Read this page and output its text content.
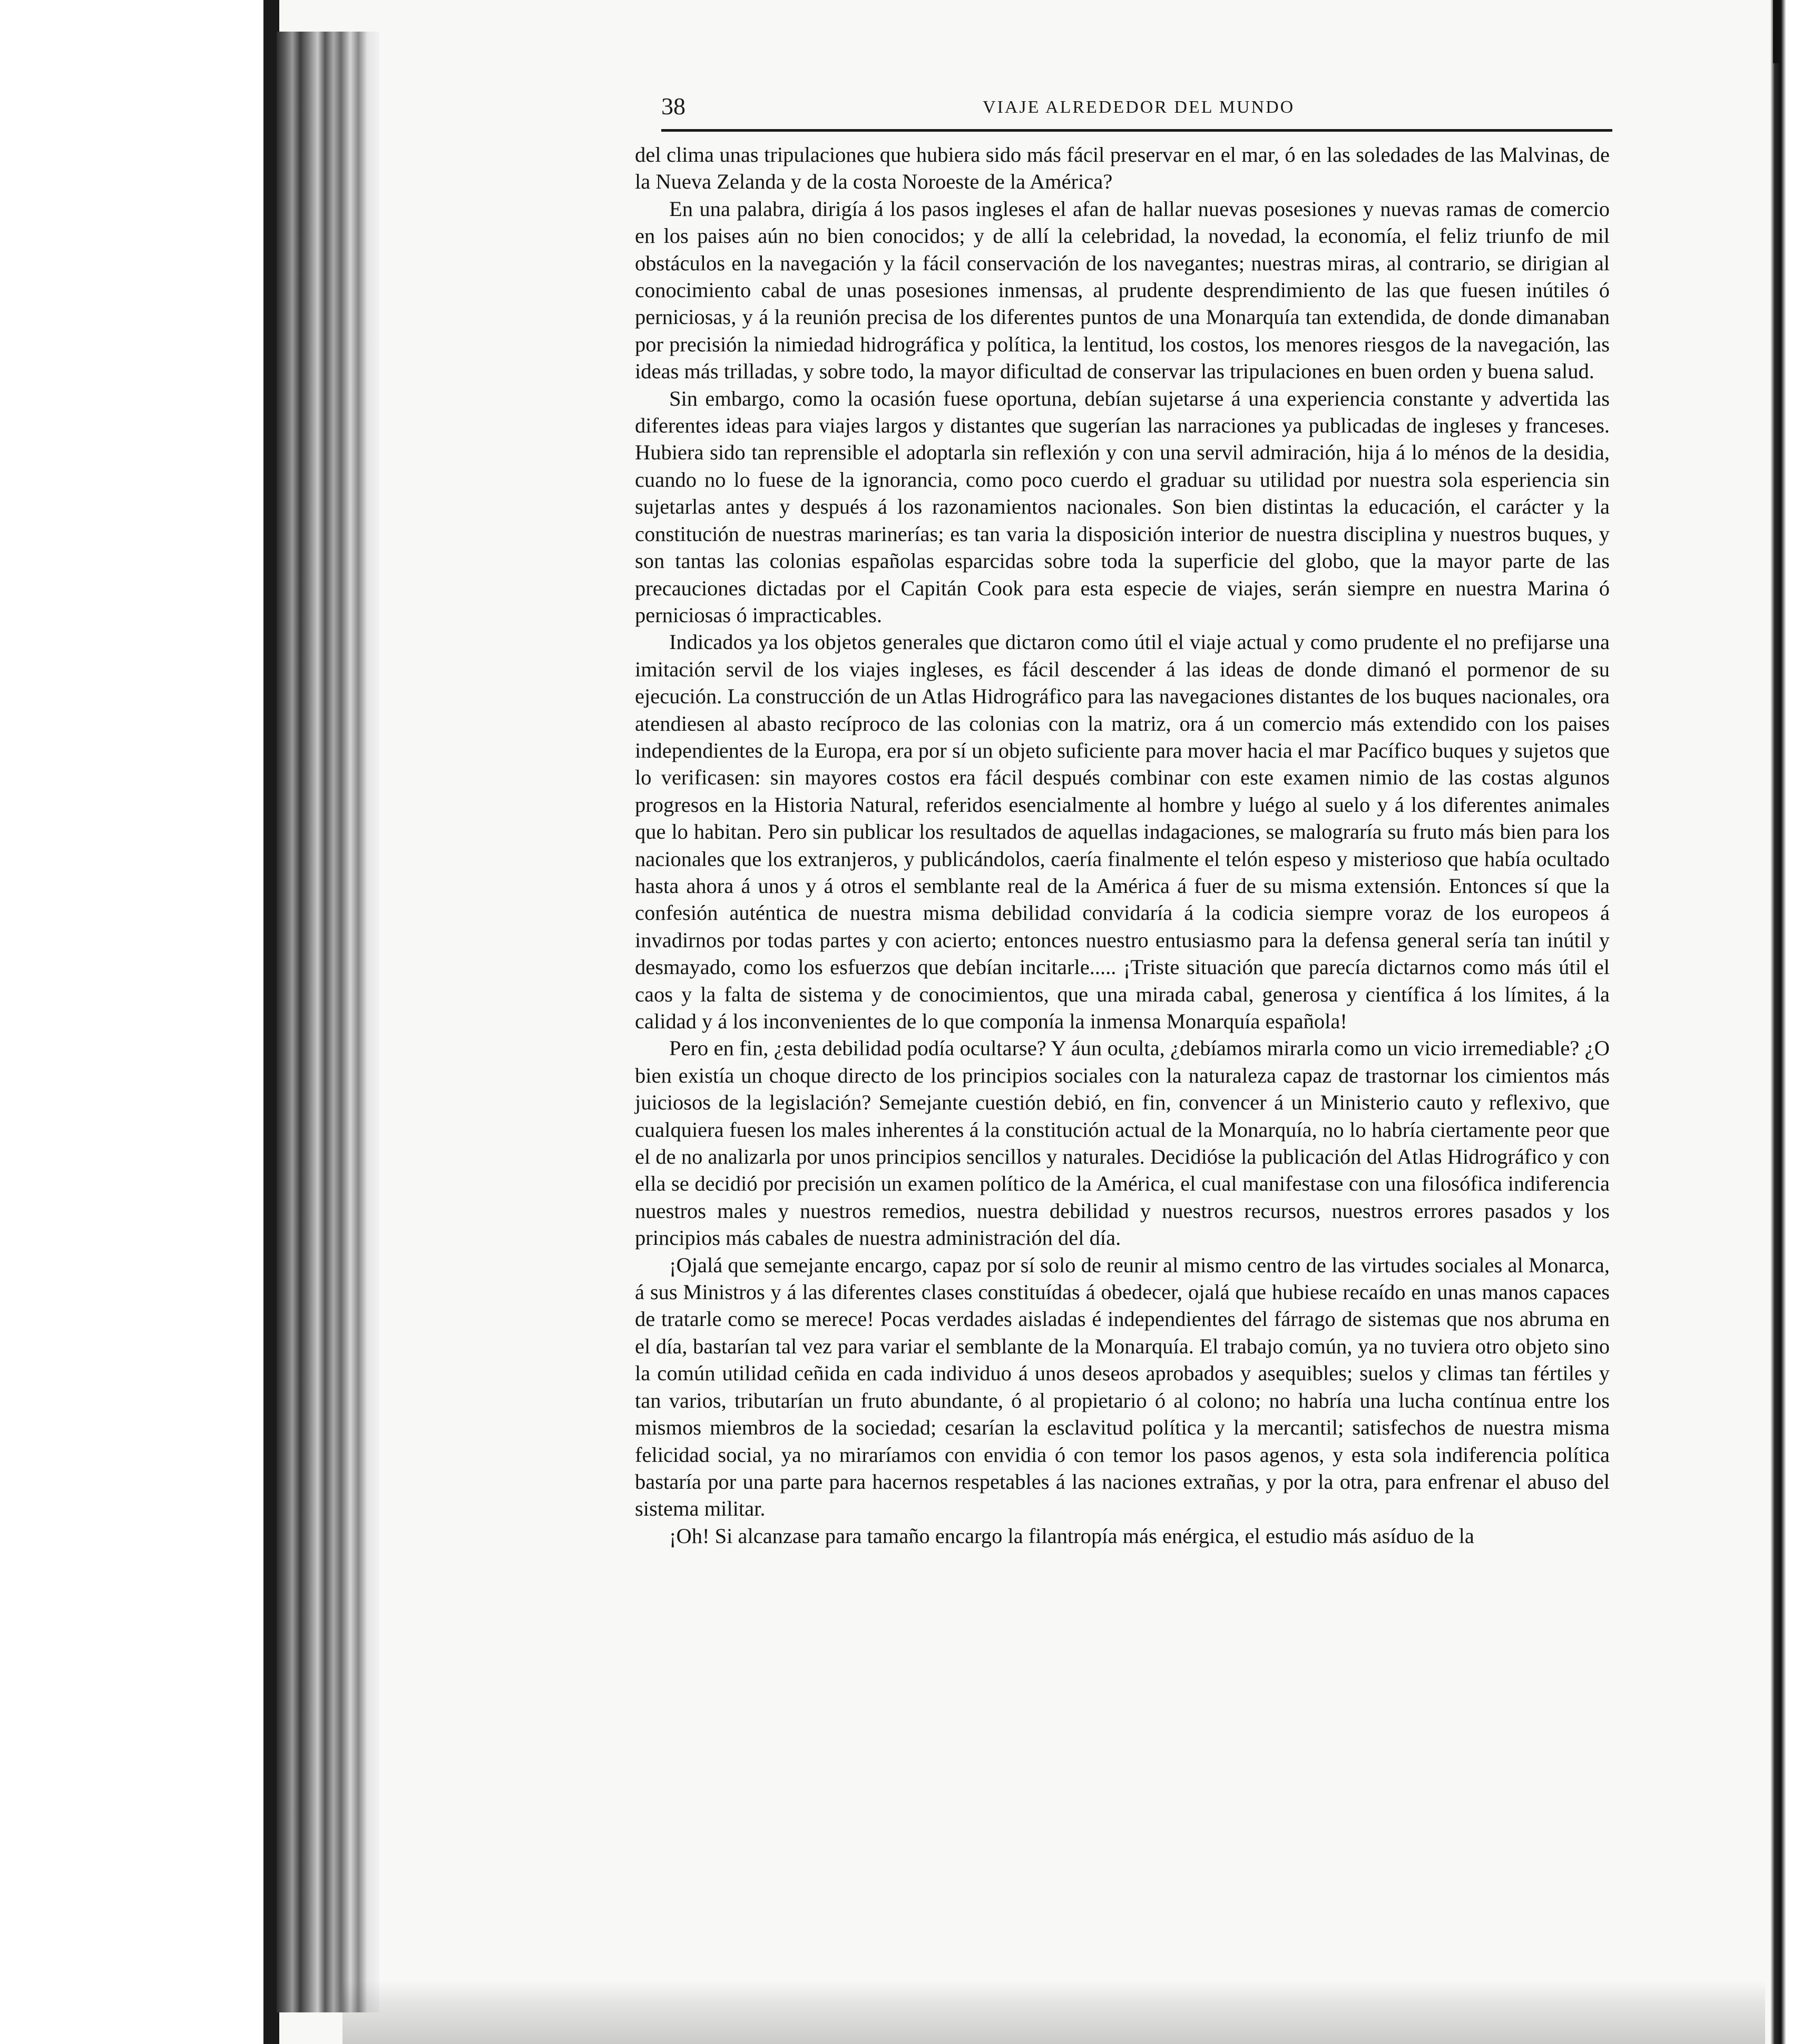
38	VIAJE ALREDEDOR DEL MUNDO

del clima unas tripulaciones que hubiera sido más fácil preservar en el mar, ó en las soledades de las Malvinas, de la Nueva Zelanda y de la costa Noroeste de la América?

En una palabra, dirigía á los pasos ingleses el afan de hallar nuevas posesiones y nuevas ramas de comercio en los paises aún no bien conocidos; y de allí la celebridad, la novedad, la economía, el feliz triunfo de mil obstáculos en la navegación y la fácil conservación de los navegantes; nuestras miras, al contrario, se dirigian al conocimiento cabal de unas posesiones inmensas, al prudente desprendimiento de las que fuesen inútiles ó perniciosas, y á la reunión precisa de los diferentes puntos de una Monarquía tan extendida, de donde dimanaban por precisión la nimiedad hidrográfica y política, la lentitud, los costos, los menores riesgos de la navegación, las ideas más trilladas, y sobre todo, la mayor dificultad de conservar las tripulaciones en buen orden y buena salud.

Sin embargo, como la ocasión fuese oportuna, debían sujetarse á una experiencia constante y advertida las diferentes ideas para viajes largos y distantes que sugerían las narraciones ya publicadas de ingleses y franceses. Hubiera sido tan reprensible el adoptarla sin reflexión y con una servil admiración, hija á lo ménos de la desidia, cuando no lo fuese de la ignorancia, como poco cuerdo el graduar su utilidad por nuestra sola esperiencia sin sujetarlas antes y después á los razonamientos nacionales. Son bien distintas la educación, el carácter y la constitución de nuestras marinerías; es tan varia la disposición interior de nuestra disciplina y nuestros buques, y son tantas las colonias españolas esparcidas sobre toda la superficie del globo, que la mayor parte de las precauciones dictadas por el Capitán Cook para esta especie de viajes, serán siempre en nuestra Marina ó perniciosas ó impracticables.

Indicados ya los objetos generales que dictaron como útil el viaje actual y como prudente el no prefijarse una imitación servil de los viajes ingleses, es fácil descender á las ideas de donde dimanó el pormenor de su ejecución. La construcción de un Atlas Hidrográfico para las navegaciones distantes de los buques nacionales, ora atendiesen al abasto recíproco de las colonias con la matriz, ora á un comercio más extendido con los paises independientes de la Europa, era por sí un objeto suficiente para mover hacia el mar Pacífico buques y sujetos que lo verificasen: sin mayores costos era fácil después combinar con este examen nimio de las costas algunos progresos en la Historia Natural, referidos esencialmente al hombre y luégo al suelo y á los diferentes animales que lo habitan. Pero sin publicar los resultados de aquellas indagaciones, se malograría su fruto más bien para los nacionales que los extranjeros, y publicándolos, caería finalmente el telón espeso y misterioso que había ocultado hasta ahora á unos y á otros el semblante real de la América á fuer de su misma extensión. Entonces sí que la confesión auténtica de nuestra misma debilidad convidaría á la codicia siempre voraz de los europeos á invadirnos por todas partes y con acierto; entonces nuestro entusiasmo para la defensa general sería tan inútil y desmayado, como los esfuerzos que debían incitarle..... ¡Triste situación que parecía dictarnos como más útil el caos y la falta de sistema y de conocimientos, que una mirada cabal, generosa y científica á los límites, á la calidad y á los inconvenientes de lo que componía la inmensa Monarquía española!

Pero en fin, ¿esta debilidad podía ocultarse? Y áun oculta, ¿debíamos mirarla como un vicio irremediable? ¿O bien existía un choque directo de los principios sociales con la naturaleza capaz de trastornar los cimientos más juiciosos de la legislación? Semejante cuestión debió, en fin, convencer á un Ministerio cauto y reflexivo, que cualquiera fuesen los males inherentes á la constitución actual de la Monarquía, no lo habría ciertamente peor que el de no analizarla por unos principios sencillos y naturales. Decidióse la publicación del Atlas Hidrográfico y con ella se decidió por precisión un examen político de la América, el cual manifestase con una filosófica indiferencia nuestros males y nuestros remedios, nuestra debilidad y nuestros recursos, nuestros errores pasados y los principios más cabales de nuestra administración del día.

¡Ojalá que semejante encargo, capaz por sí solo de reunir al mismo centro de las virtudes sociales al Monarca, á sus Ministros y á las diferentes clases constituídas á obedecer, ojalá que hubiese recaído en unas manos capaces de tratarle como se merece! Pocas verdades aisladas é independientes del fárrago de sistemas que nos abruma en el día, bastarían tal vez para variar el semblante de la Monarquía. El trabajo común, ya no tuviera otro objeto sino la común utilidad ceñida en cada individuo á unos deseos aprobados y asequibles; suelos y climas tan fértiles y tan varios, tributarían un fruto abundante, ó al propietario ó al colono; no habría una lucha contínua entre los mismos miembros de la sociedad; cesarían la esclavitud política y la mercantil; satisfechos de nuestra misma felicidad social, ya no miraríamos con envidia ó con temor los pasos agenos, y esta sola indiferencia política bastaría por una parte para hacernos respetables á las naciones extrañas, y por la otra, para enfrenar el abuso del sistema militar.

¡Oh! Si alcanzase para tamaño encargo la filantropía más enérgica, el estudio más asíduo de la
